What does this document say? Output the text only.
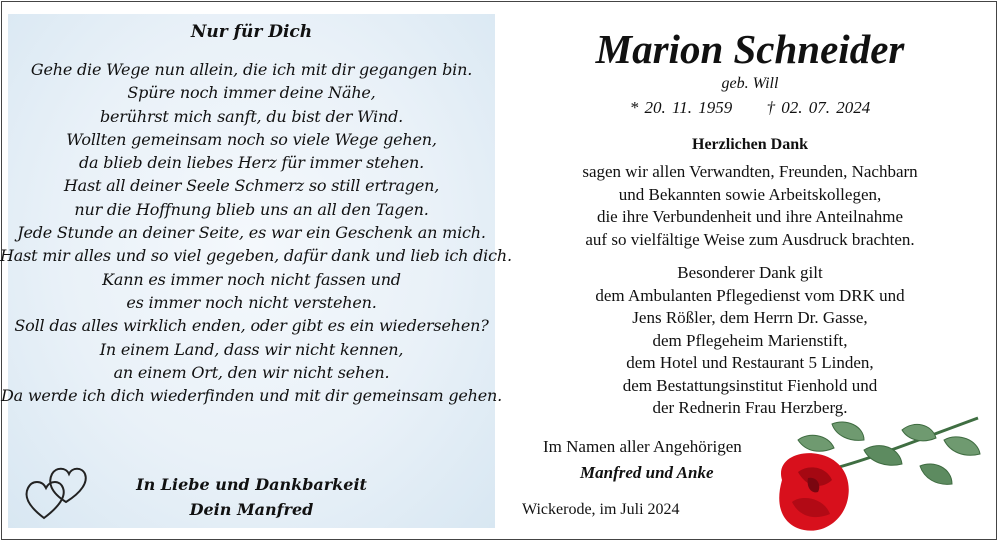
Nur für Dich
Gehe die Wege nun allein, die ich mit dir gegangen bin.
Spüre noch immer deine Nähe,
berührst mich sanft, du bist der Wind.
Wollten gemeinsam noch so viele Wege gehen,
da blieb dein liebes Herz für immer stehen.
Hast all deiner Seele Schmerz so still ertragen,
nur die Hoffnung blieb uns an all den Tagen.
Jede Stunde an deiner Seite, es war ein Geschenk an mich.
Hast mir alles und so viel gegeben, dafür dank und lieb ich dich.
Kann es immer noch nicht fassen und
es immer noch nicht verstehen.
Soll das alles wirklich enden, oder gibt es ein wiedersehen?
In einem Land, dass wir nicht kennen,
an einem Ort, den wir nicht sehen.
Da werde ich dich wiederfinden und mit dir gemeinsam gehen.
In Liebe und Dankbarkeit
Dein Manfred
Marion Schneider
geb. Will
* 20. 11. 1959 † 02. 07. 2024
Herzlichen Dank
sagen wir allen Verwandten, Freunden, Nachbarn
und Bekannten sowie Arbeitskollegen,
die ihre Verbundenheit und ihre Anteilnahme
auf so vielfältige Weise zum Ausdruck brachten.
Besonderer Dank gilt
dem Ambulanten Pflegedienst vom DRK und
Jens Rößler, dem Herrn Dr. Gasse,
dem Pflegeheim Marienstift,
dem Hotel und Restaurant 5 Linden,
dem Bestattungsinstitut Fienhold und
der Rednerin Frau Herzberg.
Im Namen aller Angehörigen
Manfred und Anke
Wickerode, im Juli 2024
